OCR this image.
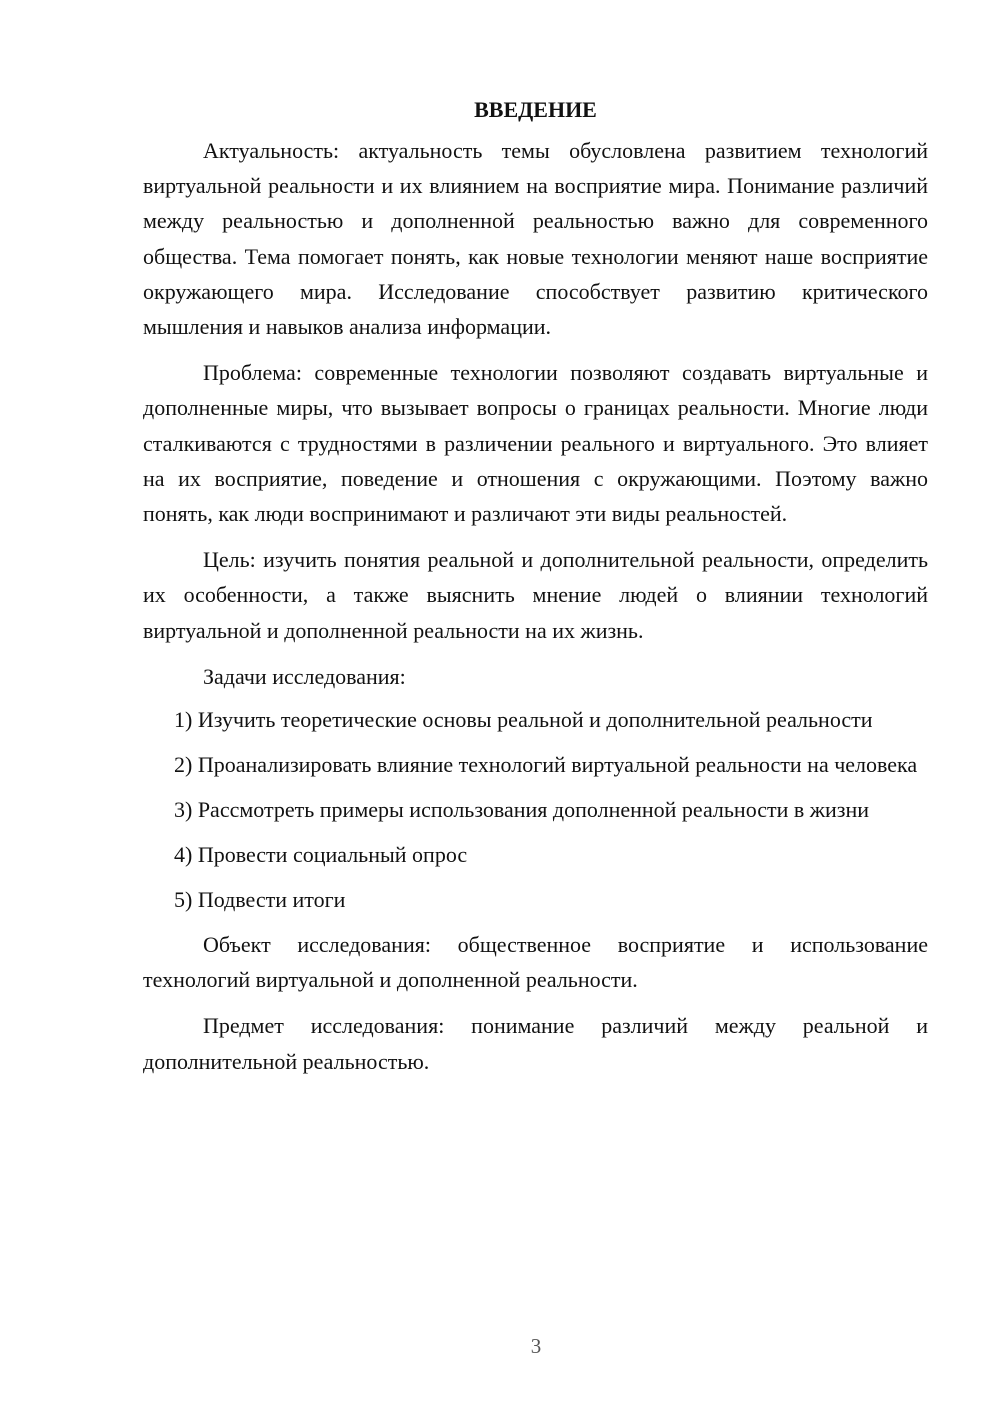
ВВЕДЕНИЕ

Актуальность: актуальность темы обусловлена развитием технологий виртуальной реальности и их влиянием на восприятие мира. Понимание различий между реальностью и дополненной реальностью важно для современного общества. Тема помогает понять, как новые технологии меняют наше восприятие окружающего мира. Исследование способствует развитию критического мышления и навыков анализа информации.

Проблема: современные технологии позволяют создавать виртуальные и дополненные миры, что вызывает вопросы о границах реальности. Многие люди сталкиваются с трудностями в различении реального и виртуального. Это влияет на их восприятие, поведение и отношения с окружающими. Поэтому важно понять, как люди воспринимают и различают эти виды реальностей.

Цель: изучить понятия реальной и дополнительной реальности, определить их особенности, а также выяснить мнение людей о влиянии технологий виртуальной и дополненной реальности на их жизнь.

Задачи исследования:

1) Изучить теоретические основы реальной и дополнительной реальности

2) Проанализировать влияние технологий виртуальной реальности на человека

3) Рассмотреть примеры использования дополненной реальности в жизни

4) Провести социальный опрос

5) Подвести итоги

Объект исследования: общественное восприятие и использование технологий виртуальной и дополненной реальности.

Предмет исследования: понимание различий между реальной и дополнительной реальностью.

3
